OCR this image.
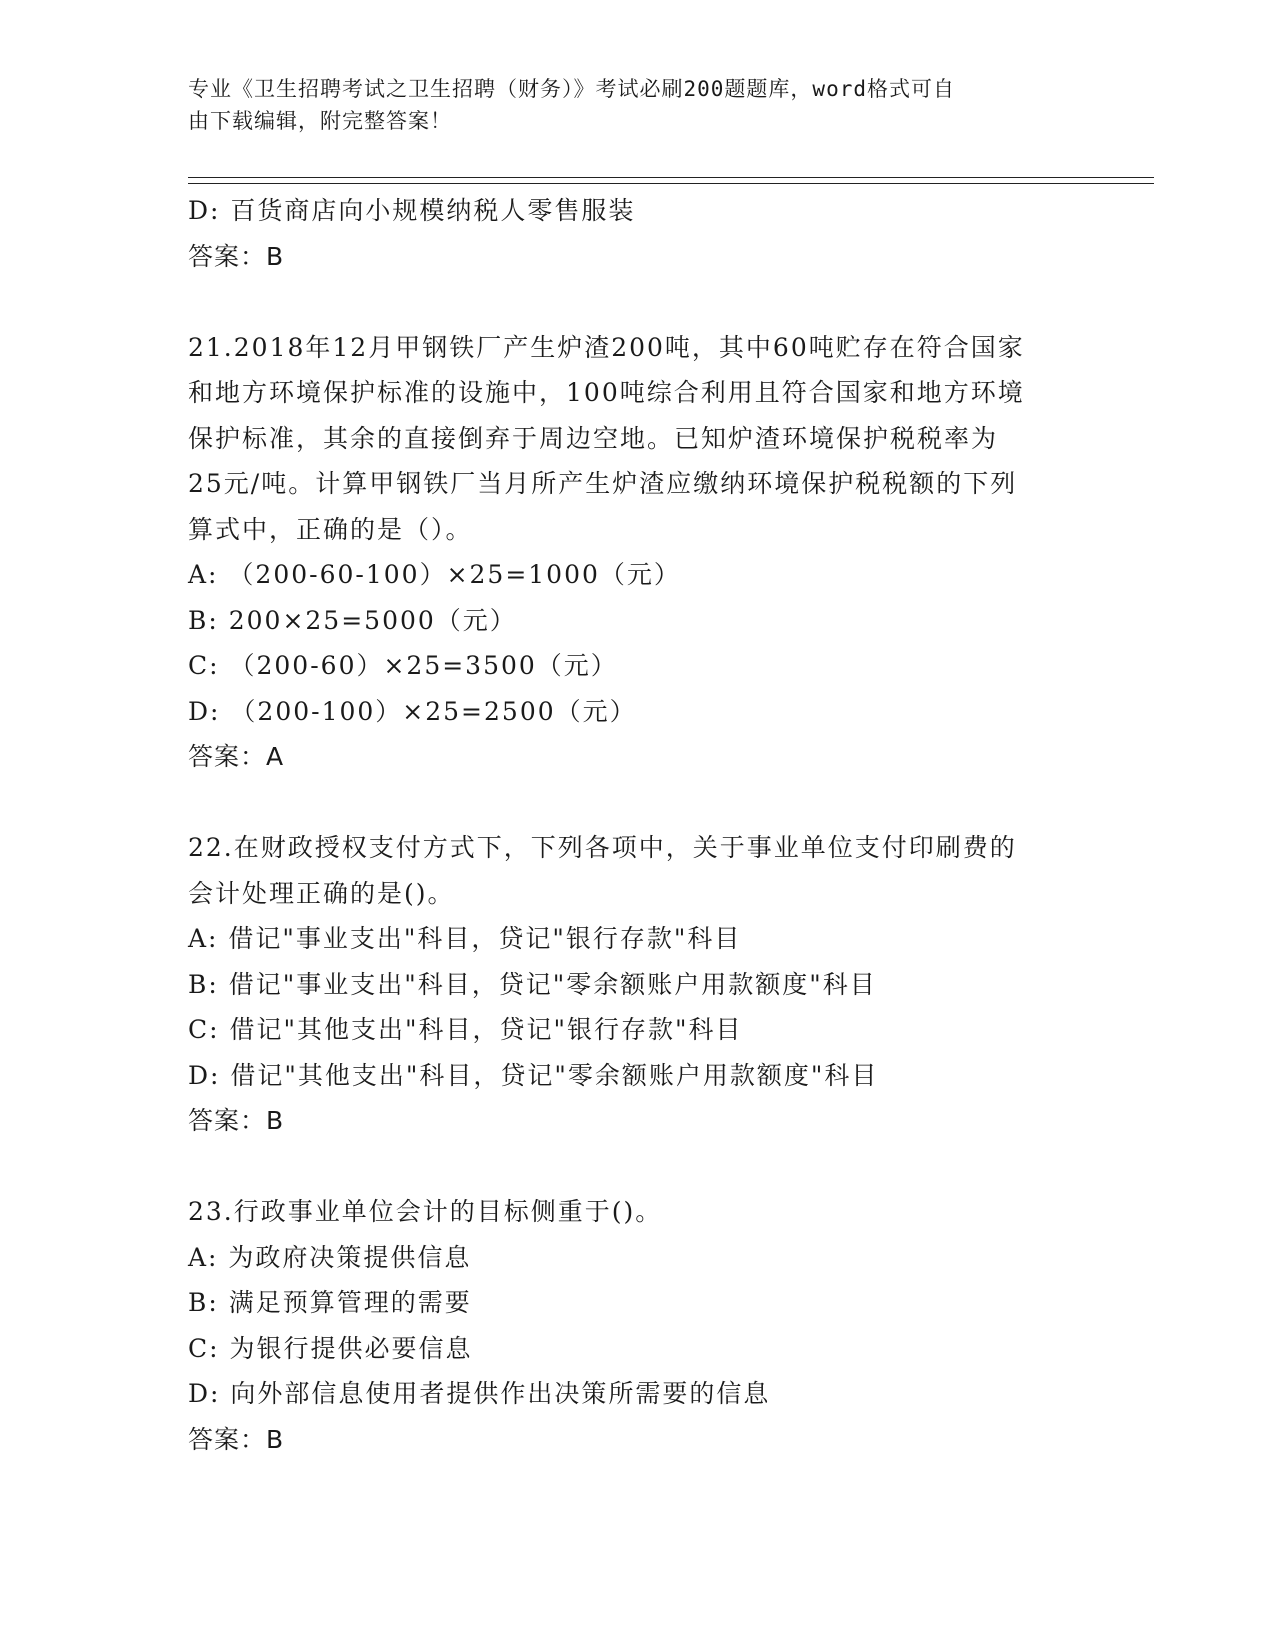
专业《卫生招聘考试之卫生招聘（财务）》考试必刷200题题库，word格式可自
由下载编辑，附完整答案！
D: 百货商店向小规模纳税人零售服装
答案：B
21.2018年12月甲钢铁厂产生炉渣200吨，其中60吨贮存在符合国家
和地方环境保护标准的设施中，100吨综合利用且符合国家和地方环境
保护标准，其余的直接倒弃于周边空地。已知炉渣环境保护税税率为
25元/吨。计算甲钢铁厂当月所产生炉渣应缴纳环境保护税税额的下列
算式中，正确的是（）。
A: （200-60-100）×25=1000（元）
B: 200×25=5000（元）
C: （200-60）×25=3500（元）
D: （200-100）×25=2500（元）
答案：A
22.在财政授权支付方式下，下列各项中，关于事业单位支付印刷费的
会计处理正确的是()。
A: 借记"事业支出"科目，贷记"银行存款"科目
B: 借记"事业支出"科目，贷记"零余额账户用款额度"科目
C: 借记"其他支出"科目，贷记"银行存款"科目
D: 借记"其他支出"科目，贷记"零余额账户用款额度"科目
答案：B
23.行政事业单位会计的目标侧重于()。
A: 为政府决策提供信息
B: 满足预算管理的需要
C: 为银行提供必要信息
D: 向外部信息使用者提供作出决策所需要的信息
答案：B
